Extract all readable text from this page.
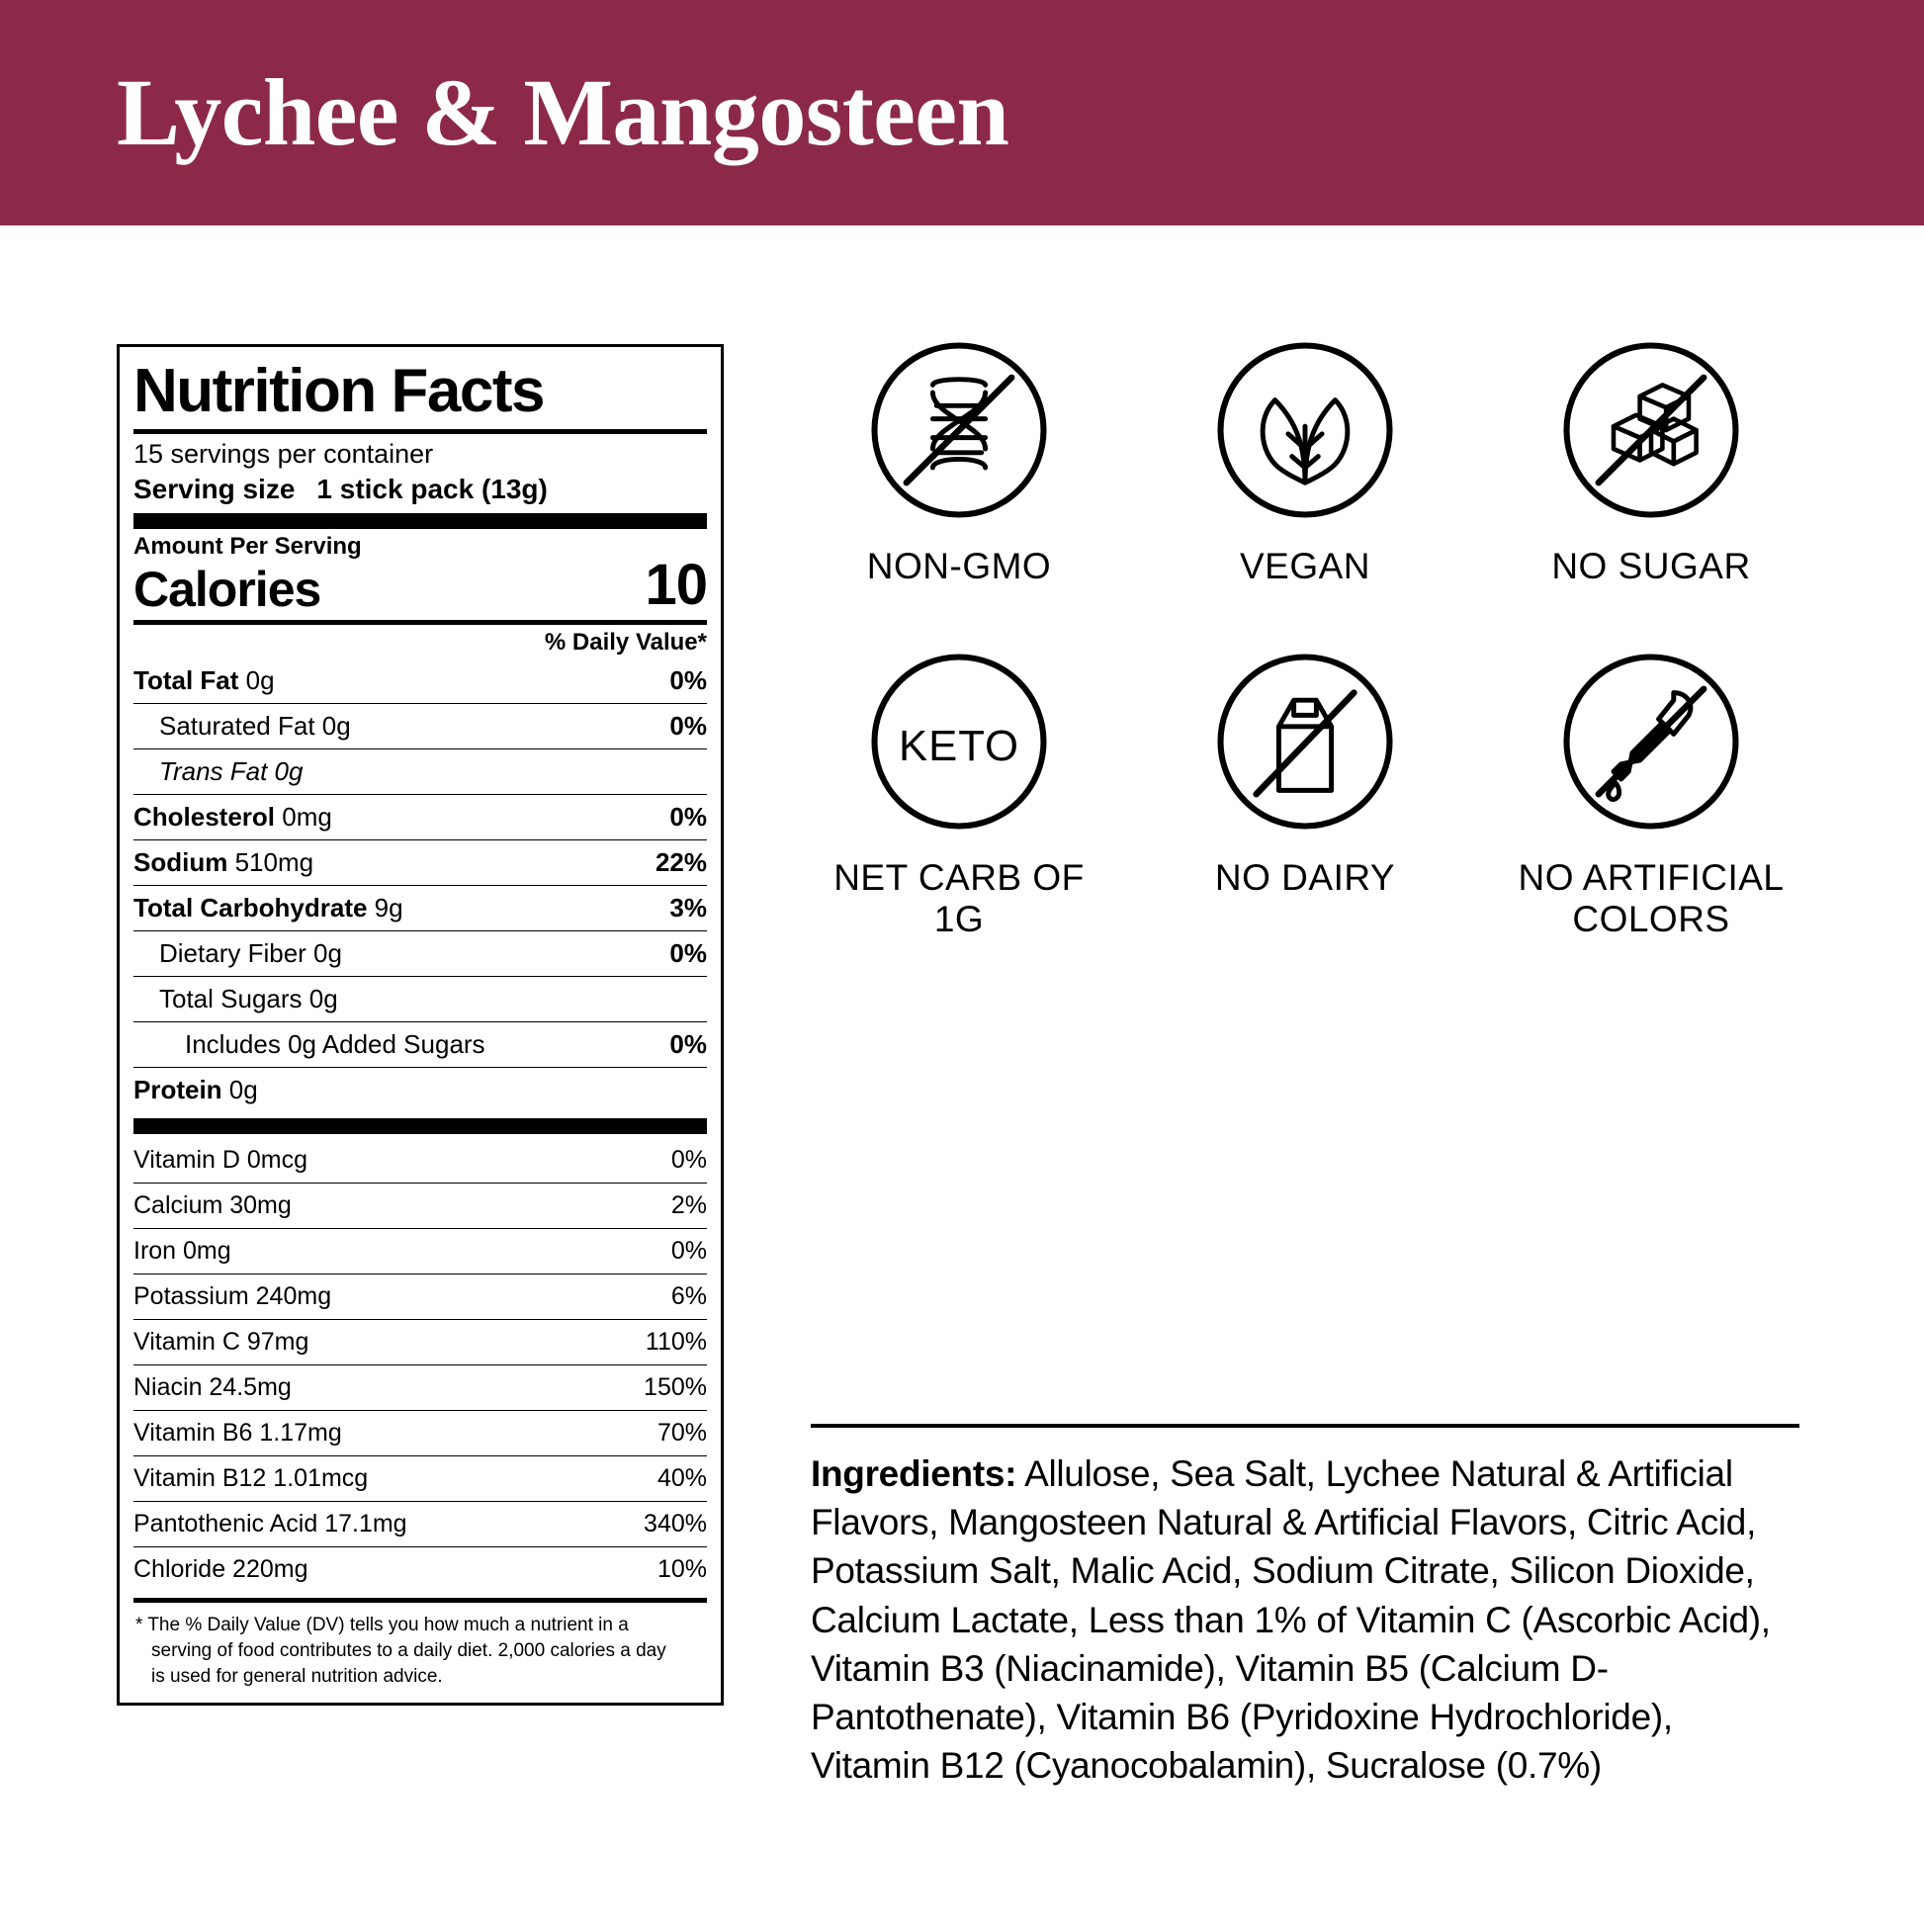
Lychee & Mangosteen
Nutrition Facts
15 servings per container
Serving size 1 stick pack (13g)
Amount Per Serving
Calories	10
% Daily Value*
Total Fat 0g	0%
Saturated Fat 0g	0%
Trans Fat 0g
Cholesterol 0mg	0%
Sodium 510mg	22%
Total Carbohydrate 9g	3%
Dietary Fiber 0g	0%
Total Sugars 0g
Includes 0g Added Sugars	0%
Protein 0g
Vitamin D 0mcg	0%
Calcium 30mg	2%
Iron 0mg	0%
Potassium 240mg	6%
Vitamin C 97mg	110%
Niacin 24.5mg	150%
Vitamin B6 1.17mg	70%
Vitamin B12 1.01mcg	40%
Pantothenic Acid 17.1mg	340%
Chloride 220mg	10%
* The % Daily Value (DV) tells you how much a nutrient in a
serving of food contributes to a daily diet. 2,000 calories a day
is used for general nutrition advice.
NON-GMO	VEGAN	NO SUGAR
KETO
NET CARB OF 1G
NO DAIRY	NO ARTIFICIAL COLORS
Ingredients: Allulose, Sea Salt, Lychee Natural & Artificial Flavors, Mangosteen Natural & Artificial Flavors, Citric Acid, Potassium Salt, Malic Acid, Sodium Citrate, Silicon Dioxide, Calcium Lactate, Less than 1% of Vitamin C (Ascorbic Acid), Vitamin B3 (Niacinamide), Vitamin B5 (Calcium D-Pantothenate), Vitamin B6 (Pyridoxine Hydrochloride), Vitamin B12 (Cyanocobalamin), Sucralose (0.7%)
